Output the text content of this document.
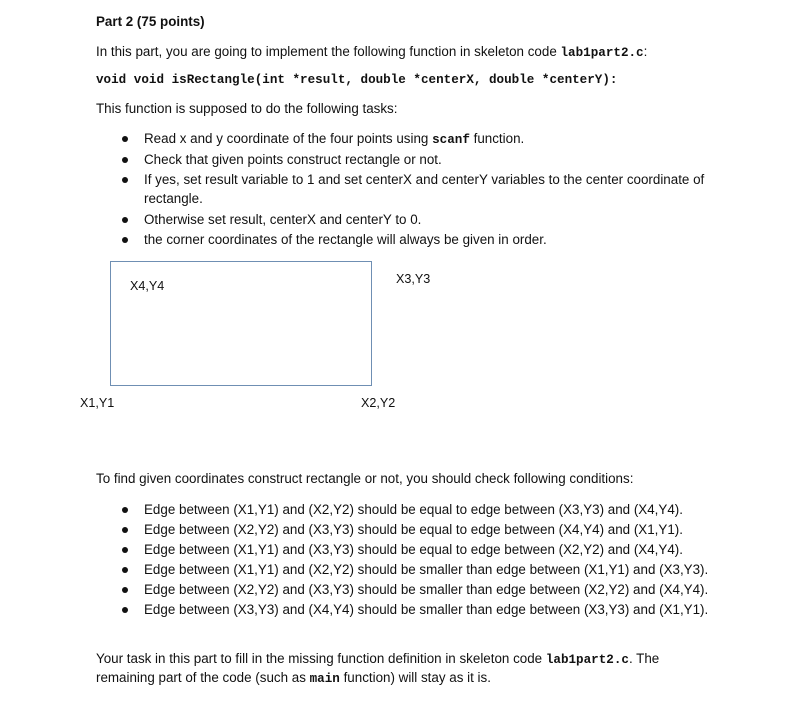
Part 2 (75 points)
In this part, you are going to implement the following function in skeleton code lab1part2.c:
void void isRectangle(int *result, double *centerX, double *centerY):
This function is supposed to do the following tasks:
Read x and y coordinate of the four points using scanf function.
Check that given points construct rectangle or not.
If yes, set result variable to 1 and set centerX and centerY variables to the center coordinate of
rectangle.
Otherwise set result, centerX and centerY to 0.
the corner coordinates of the rectangle will always be given in order.
X4,Y4	X3,Y3
X1,Y1	X2,Y2
To find given coordinates construct rectangle or not, you should check following conditions:
Edge between (X1,Y1) and (X2,Y2) should be equal to edge between (X3,Y3) and (X4,Y4).
Edge between (X2,Y2) and (X3,Y3) should be equal to edge between (X4,Y4) and (X1,Y1).
Edge between (X1,Y1) and (X3,Y3) should be equal to edge between (X2,Y2) and (X4,Y4).
Edge between (X1,Y1) and (X2,Y2) should be smaller than edge between (X1,Y1) and (X3,Y3).
Edge between (X2,Y2) and (X3,Y3) should be smaller than edge between (X2,Y2) and (X4,Y4).
Edge between (X3,Y3) and (X4,Y4) should be smaller than edge between (X3,Y3) and (X1,Y1).
Your task in this part to fill in the missing function definition in skeleton code lab1part2.c. The
remaining part of the code (such as main function) will stay as it is.
